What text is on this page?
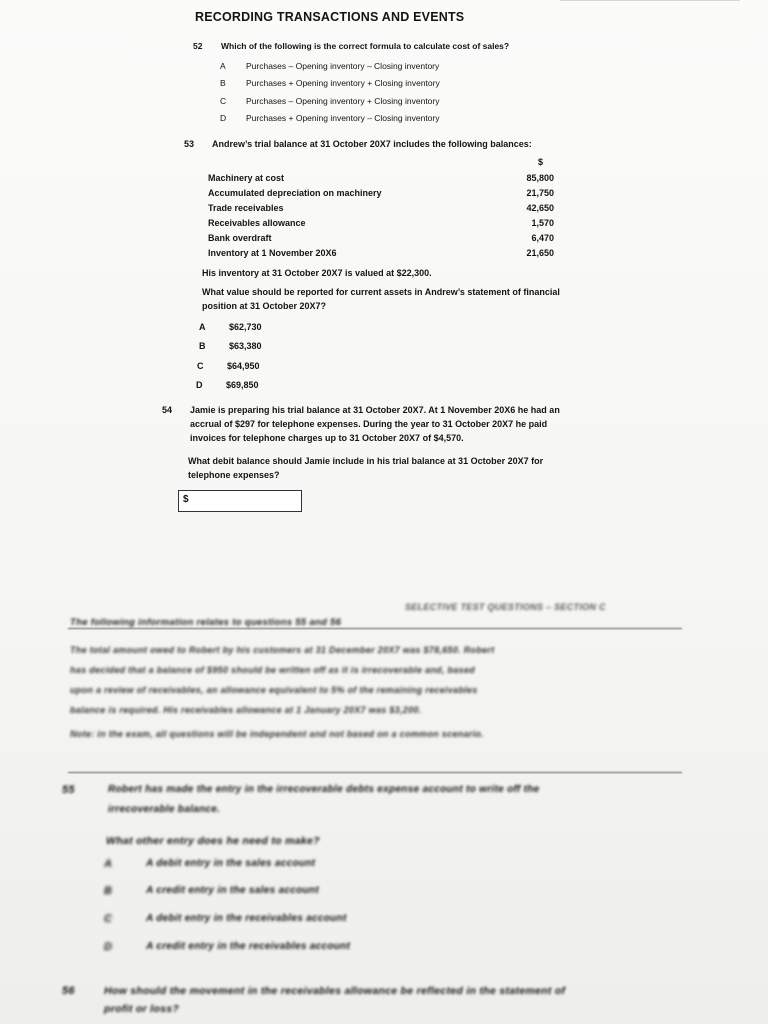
RECORDING TRANSACTIONS AND EVENTS
52 Which of the following is the correct formula to calculate cost of sales?
A Purchases – Opening inventory – Closing inventory
B Purchases + Opening inventory + Closing inventory
C Purchases – Opening inventory + Closing inventory
D Purchases + Opening inventory – Closing inventory
53 Andrew’s trial balance at 31 October 20X7 includes the following balances:
$
Machinery at cost	85,800
Accumulated depreciation on machinery	21,750
Trade receivables	42,650
Receivables allowance	1,570
Bank overdraft	6,470
Inventory at 1 November 20X6	21,650
His inventory at 31 October 20X7 is valued at $22,300.
What value should be reported for current assets in Andrew’s statement of financial
position at 31 October 20X7?
A	$62,730
B	$63,380
C	$64,950
D	$69,850
54 Jamie is preparing his trial balance at 31 October 20X7. At 1 November 20X6 he had an
accrual of $297 for telephone expenses. During the year to 31 October 20X7 he paid
invoices for telephone charges up to 31 October 20X7 of $4,570.
What debit balance should Jamie include in his trial balance at 31 October 20X7 for
telephone expenses?
$
SELECTIVE TEST QUESTIONS – SECTION C
The following information relates to questions 55 and 56
The total amount owed to Robert by his customers at 31 December 20X7 was $78,650. Robert
has decided that a balance of $950 should be written off as it is irrecoverable and, based
upon a review of receivables, an allowance equivalent to 5% of the remaining receivables
balance is required. His receivables allowance at 1 January 20X7 was $3,200.
Note: in the exam, all questions will be independent and not based on a common scenario.
55	Robert has made the entry in the irrecoverable debts expense account to write off the
irrecoverable balance.
What other entry does he need to make?
A	A debit entry in the sales account
B	A credit entry in the sales account
C	A debit entry in the receivables account
D	A credit entry in the receivables account
56	How should the movement in the receivables allowance be reflected in the statement of
profit or loss?
